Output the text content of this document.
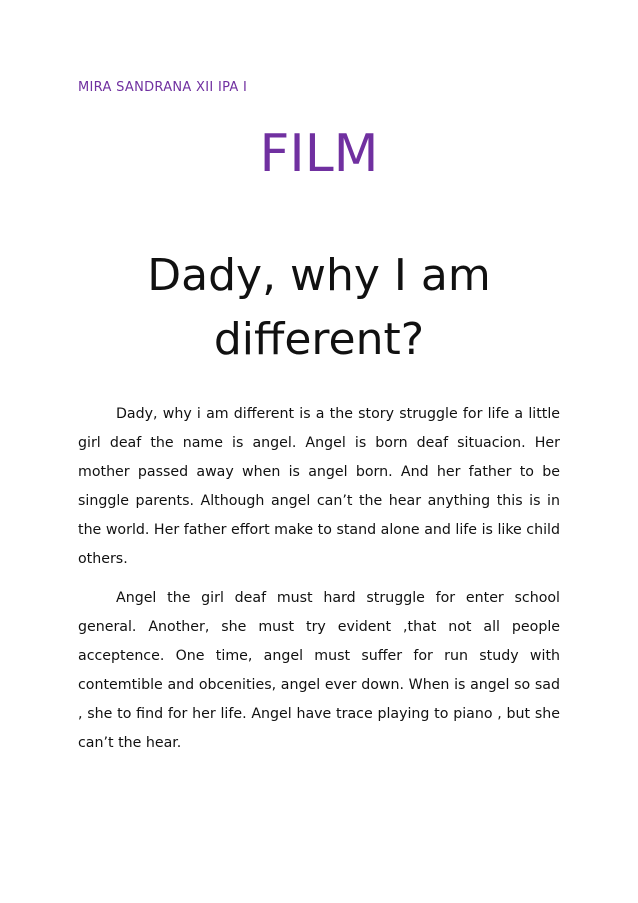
MIRA SANDRANA XII IPA I
FILM
Dady, why I am
different?

Dady, why i am different is a the story struggle for life a little girl deaf the name is angel. Angel is born deaf situacion. Her mother passed away when is angel born. And her father to be singgle parents. Although angel can’t the hear anything this is in the world. Her father effort make to stand alone and life is like child others.

Angel the girl deaf must hard struggle for enter school general. Another, she must try evident ,that not all people acceptence. One time, angel must suffer for run study with contemtible and obcenities, angel ever down. When is angel so sad , she to find for her life. Angel have trace playing to piano , but she can’t the hear.
